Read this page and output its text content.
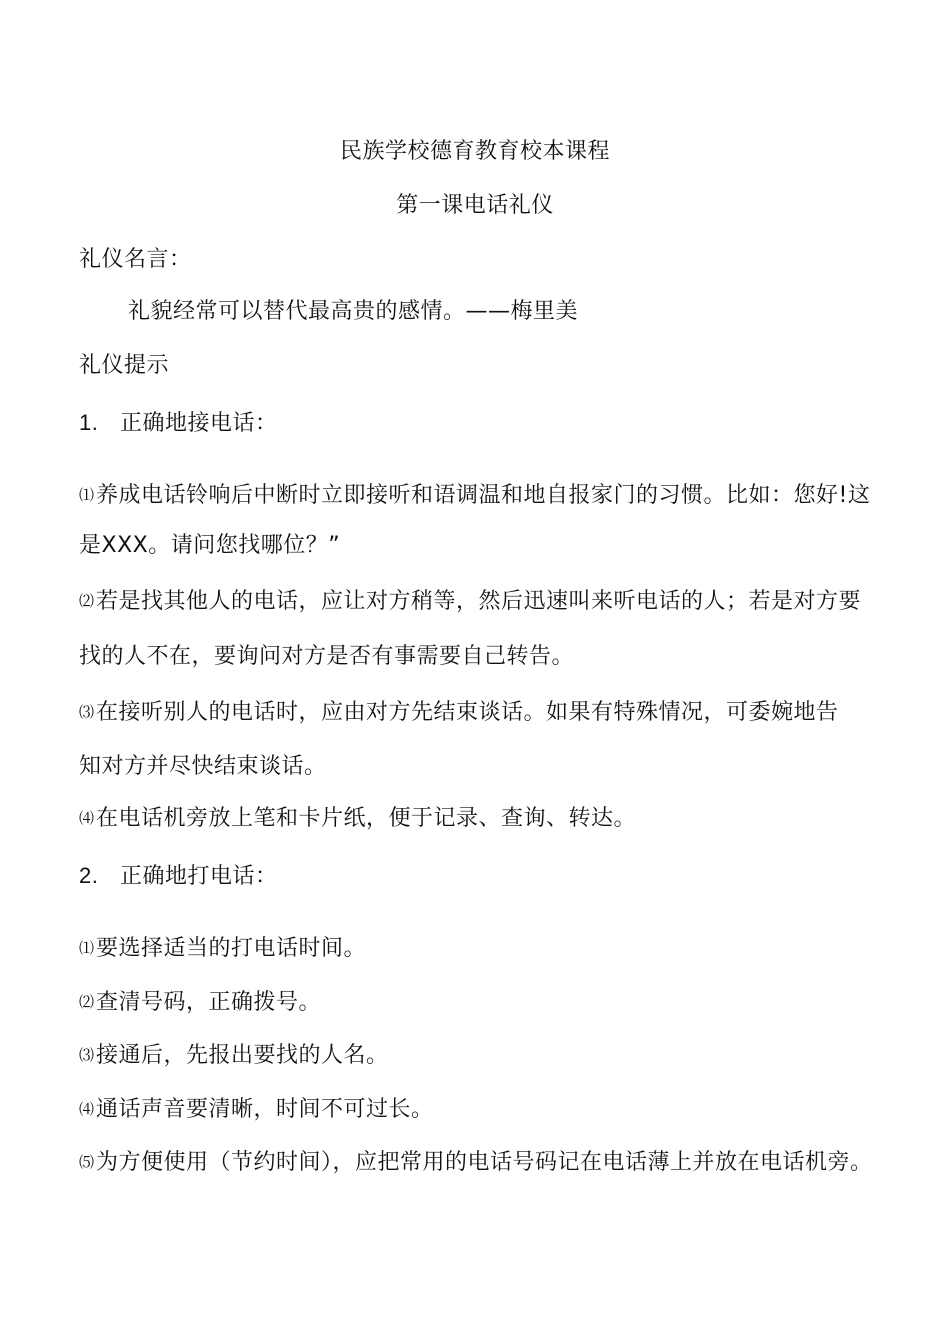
民族学校德育教育校本课程
第一课电话礼仪
礼仪名言：
礼貌经常可以替代最高贵的感情。——梅里美
礼仪提示
1. 正确地接电话：
⑴养成电话铃响后中断时立即接听和语调温和地自报家门的习惯。比如：您好!这
是XXX。请问您找哪位？”
⑵若是找其他人的电话，应让对方稍等，然后迅速叫来听电话的人；若是对方要
找的人不在，要询问对方是否有事需要自己转告。
⑶在接听别人的电话时，应由对方先结束谈话。如果有特殊情况，可委婉地告
知对方并尽快结束谈话。
⑷在电话机旁放上笔和卡片纸，便于记录、查询、转达。
2. 正确地打电话：
⑴要选择适当的打电话时间。
⑵查清号码，正确拨号。
⑶接通后，先报出要找的人名。
⑷通话声音要清晰，时间不可过长。
⑸为方便使用（节约时间），应把常用的电话号码记在电话薄上并放在电话机旁。
